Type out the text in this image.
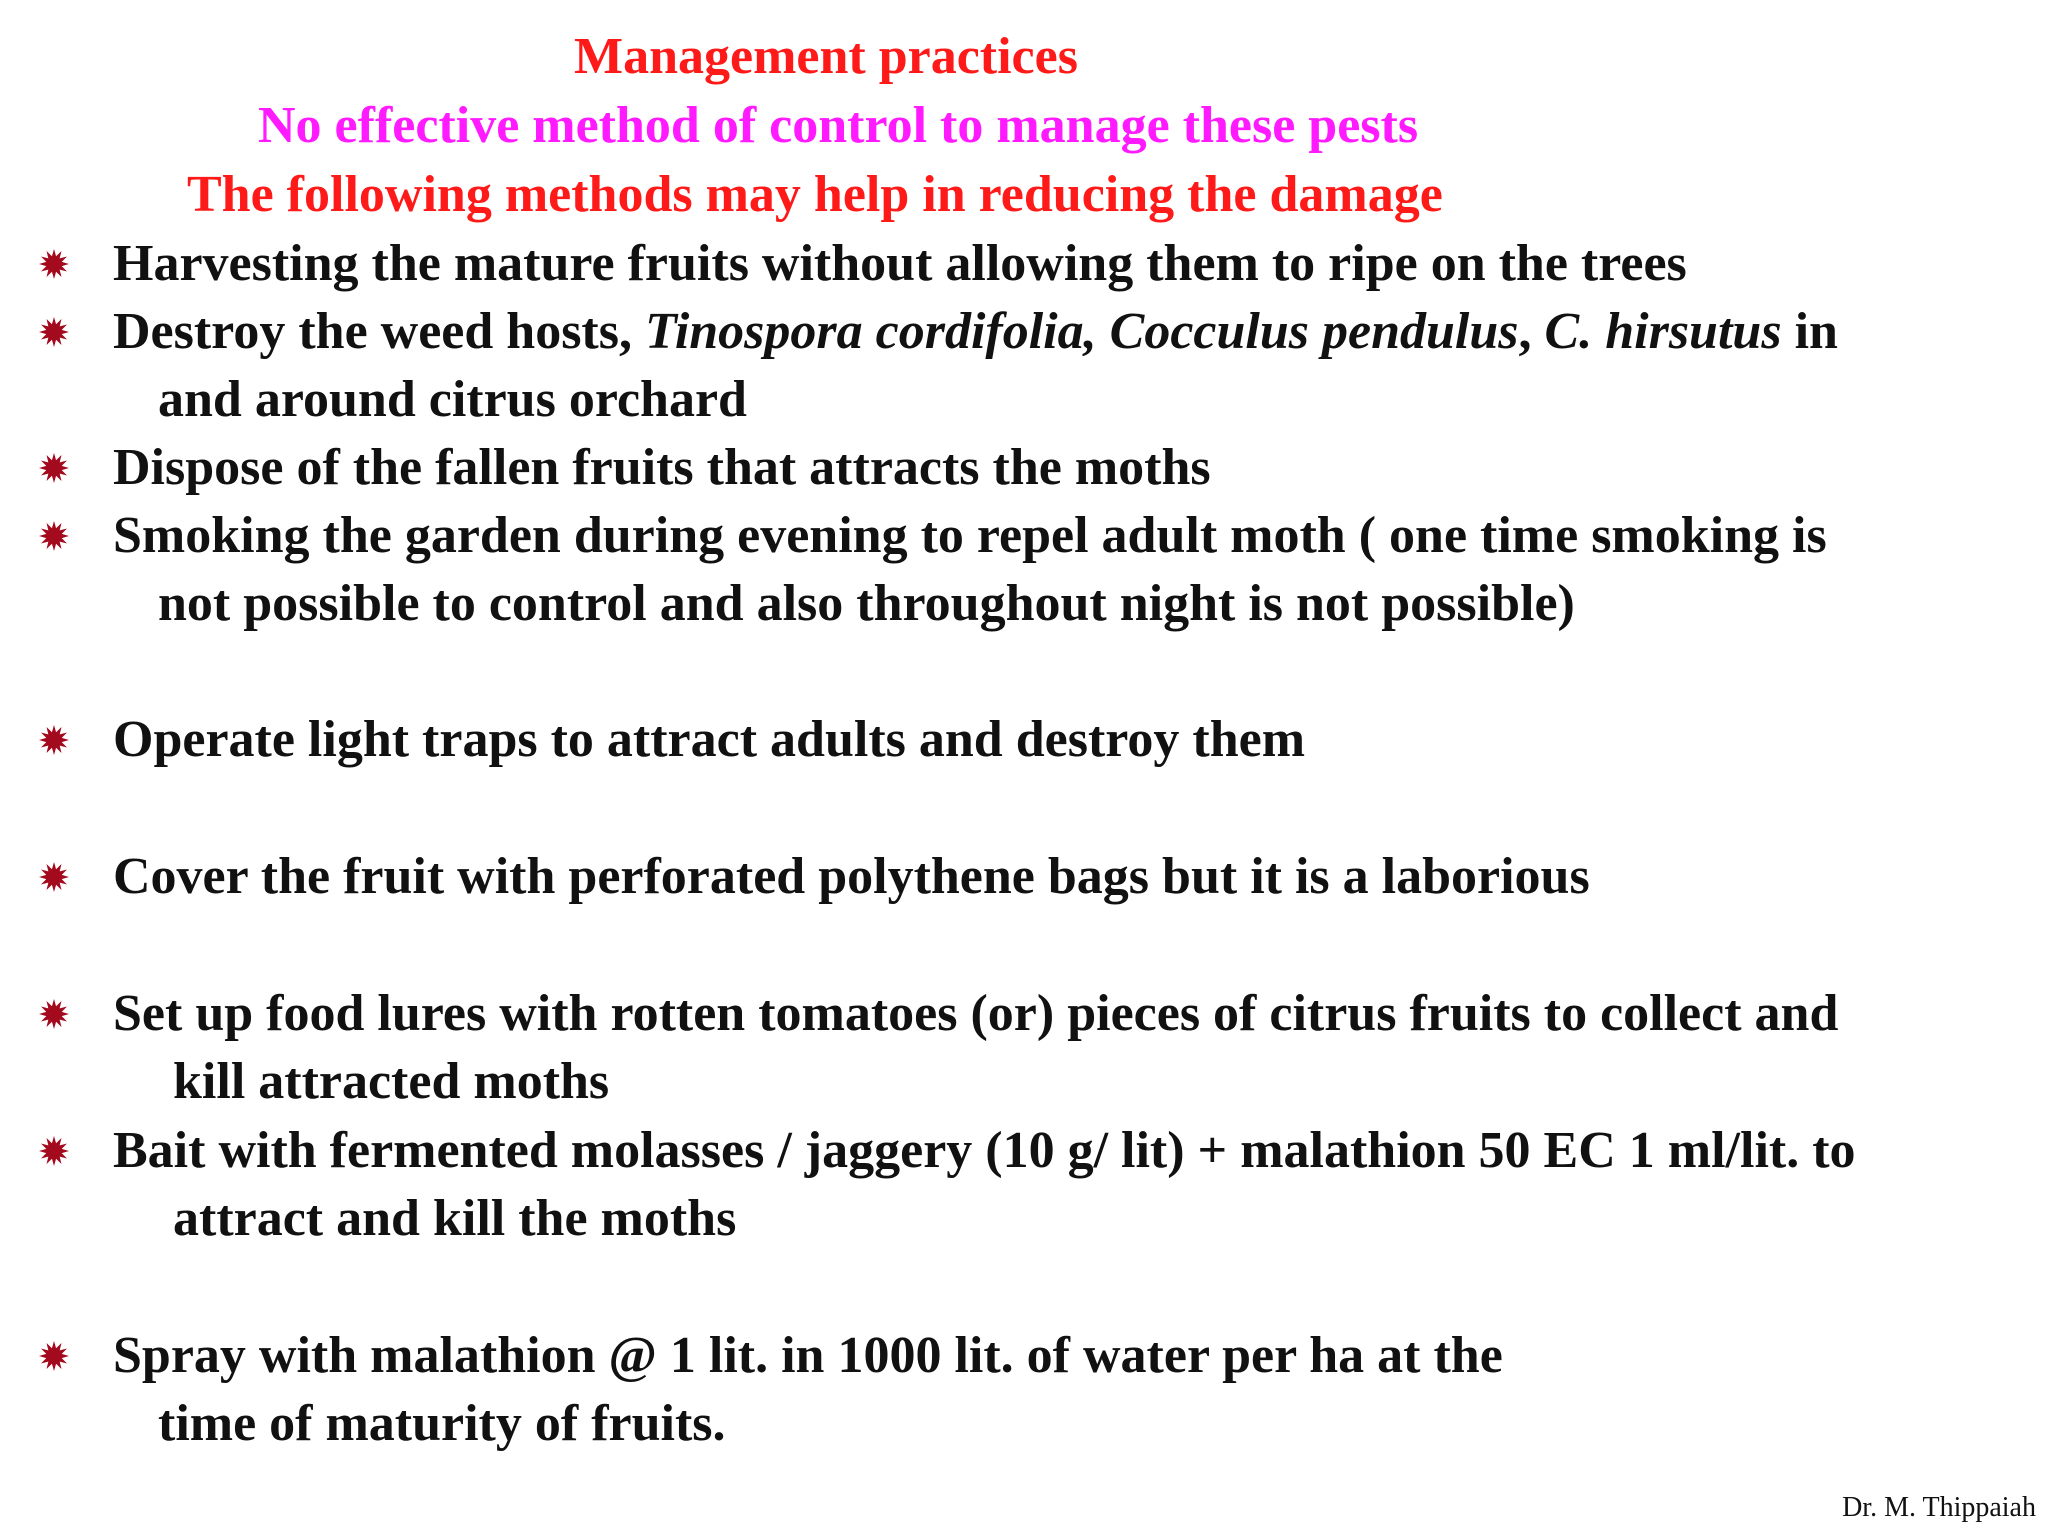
Management practices
No effective method of control to manage these pests
The following methods may help in reducing the damage
Harvesting the mature fruits without allowing them to ripe on the trees
Destroy the weed hosts, Tinospora cordifolia, Cocculus pendulus, C. hirsutus in
and around citrus orchard
Dispose of the fallen fruits that attracts the moths
Smoking the garden during evening to repel adult moth ( one time smoking is
not possible to control and also throughout night is not possible)
Operate light traps to attract adults and destroy them
Cover the fruit with perforated polythene bags but it is a laborious
Set up food lures with rotten tomatoes (or) pieces of citrus fruits to collect and
kill attracted moths
Bait with fermented molasses / jaggery (10 g/ lit) + malathion 50 EC 1 ml/lit. to
attract and kill the moths
Spray with malathion @ 1 lit. in 1000 lit. of water per ha at the
time of maturity of fruits.
Dr. M. Thippaiah
